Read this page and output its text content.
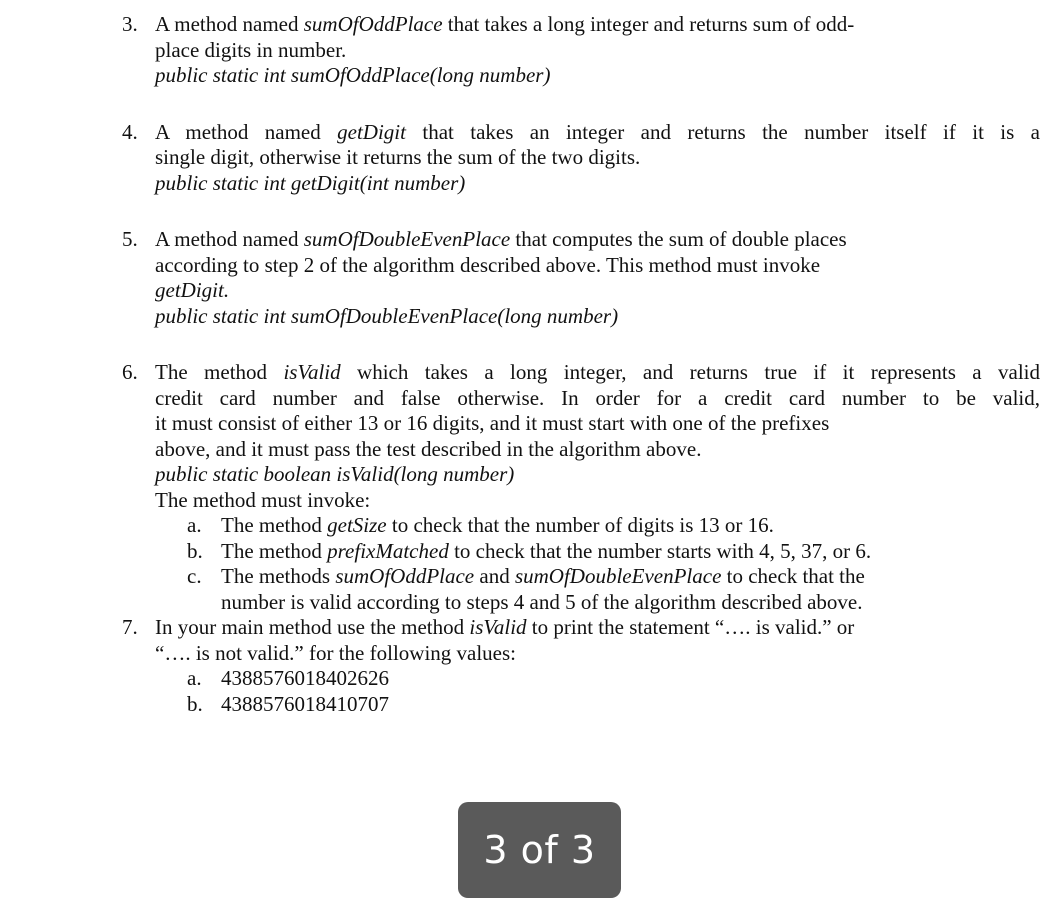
3. A method named sumOfOddPlace that takes a long integer and returns sum of odd-
place digits in number.
public static int sumOfOddPlace(long number)
4. A method named getDigit that takes an integer and returns the number itself if it is a
single digit, otherwise it returns the sum of the two digits.
public static int getDigit(int number)
5. A method named sumOfDoubleEvenPlace that computes the sum of double places
according to step 2 of the algorithm described above. This method must invoke
getDigit.
public static int sumOfDoubleEvenPlace(long number)
6. The method isValid which takes a long integer, and returns true if it represents a valid
credit card number and false otherwise. In order for a credit card number to be valid,
it must consist of either 13 or 16 digits, and it must start with one of the prefixes
above, and it must pass the test described in the algorithm above.
public static boolean isValid(long number)
The method must invoke:
a. The method getSize to check that the number of digits is 13 or 16.
b. The method prefixMatched to check that the number starts with 4, 5, 37, or 6.
c. The methods sumOfOddPlace and sumOfDoubleEvenPlace to check that the
number is valid according to steps 4 and 5 of the algorithm described above.
7. In your main method use the method isValid to print the statement “…. is valid.” or
“…. is not valid.” for the following values:
a. 4388576018402626
b. 4388576018410707
3 of 3
